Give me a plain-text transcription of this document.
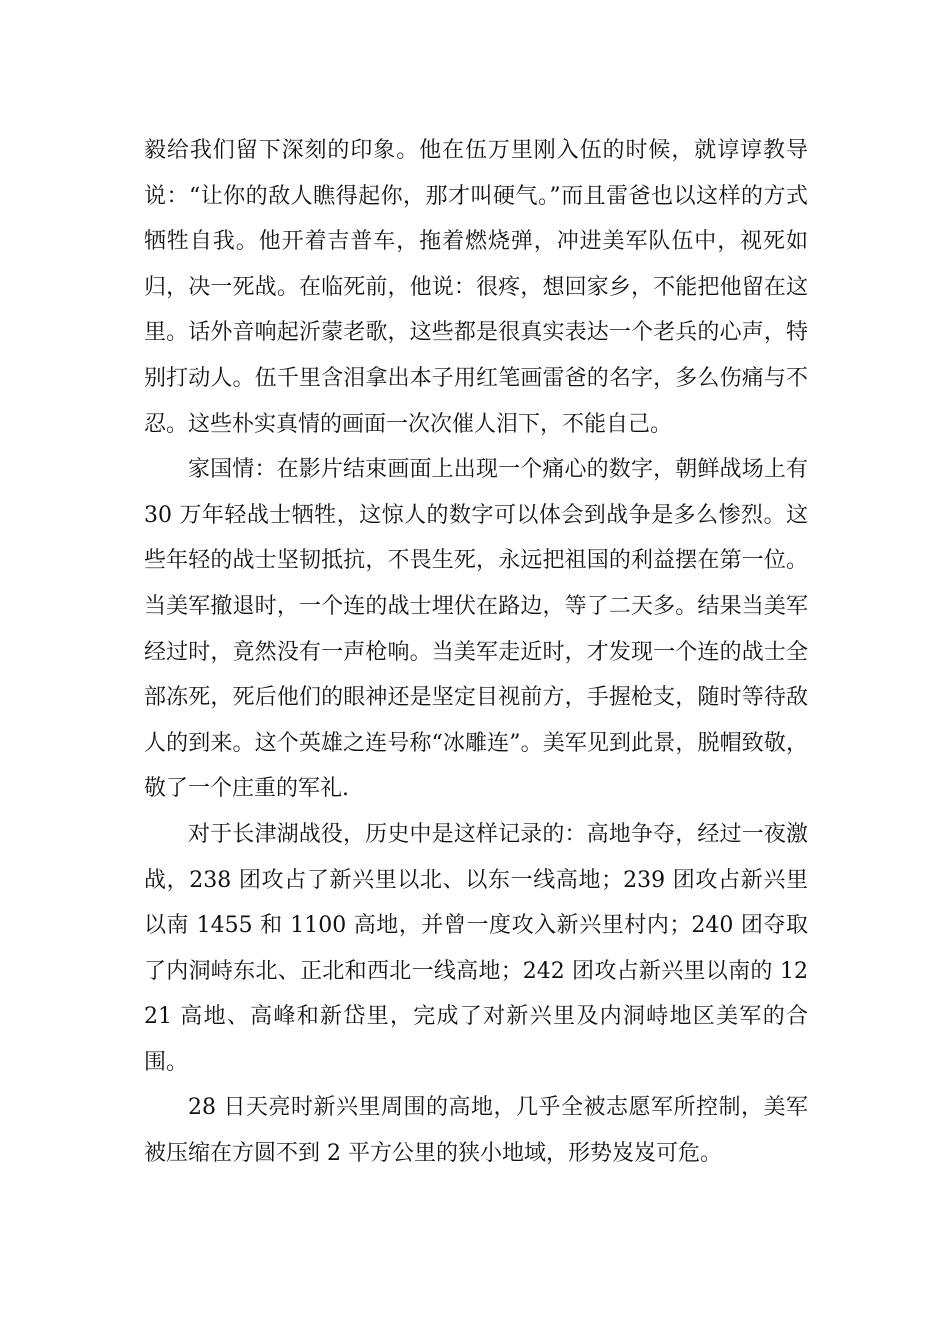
毅给我们留下深刻的印象。他在伍万里刚入伍的时候，就谆谆教导说：“让你的敌人瞧得起你，那才叫硬气。”而且雷爸也以这样的方式牺牲自我。他开着吉普车，拖着燃烧弹，冲进美军队伍中，视死如归，决一死战。在临死前，他说：很疼，想回家乡，不能把他留在这里。话外音响起沂蒙老歌，这些都是很真实表达一个老兵的心声，特别打动人。伍千里含泪拿出本子用红笔画雷爸的名字，多么伤痛与不忍。这些朴实真情的画面一次次催人泪下，不能自己。

家国情：在影片结束画面上出现一个痛心的数字，朝鲜战场上有 30 万年轻战士牺牲，这惊人的数字可以体会到战争是多么惨烈。这些年轻的战士坚韧抵抗，不畏生死，永远把祖国的利益摆在第一位。当美军撤退时，一个连的战士埋伏在路边，等了二天多。结果当美军经过时，竟然没有一声枪响。当美军走近时，才发现一个连的战士全部冻死，死后他们的眼神还是坚定目视前方，手握枪支，随时等待敌人的到来。这个英雄之连号称“冰雕连”。美军见到此景，脱帽致敬，敬了一个庄重的军礼.

对于长津湖战役，历史中是这样记录的：高地争夺，经过一夜激战，238 团攻占了新兴里以北、以东一线高地；239 团攻占新兴里以南 1455 和 1100 高地，并曾一度攻入新兴里村内；240 团夺取了内洞峙东北、正北和西北一线高地；242 团攻占新兴里以南的 1221 高地、高峰和新岱里，完成了对新兴里及内洞峙地区美军的合围。

28 日天亮时新兴里周围的高地，几乎全被志愿军所控制，美军被压缩在方圆不到 2 平方公里的狭小地域，形势岌岌可危。
